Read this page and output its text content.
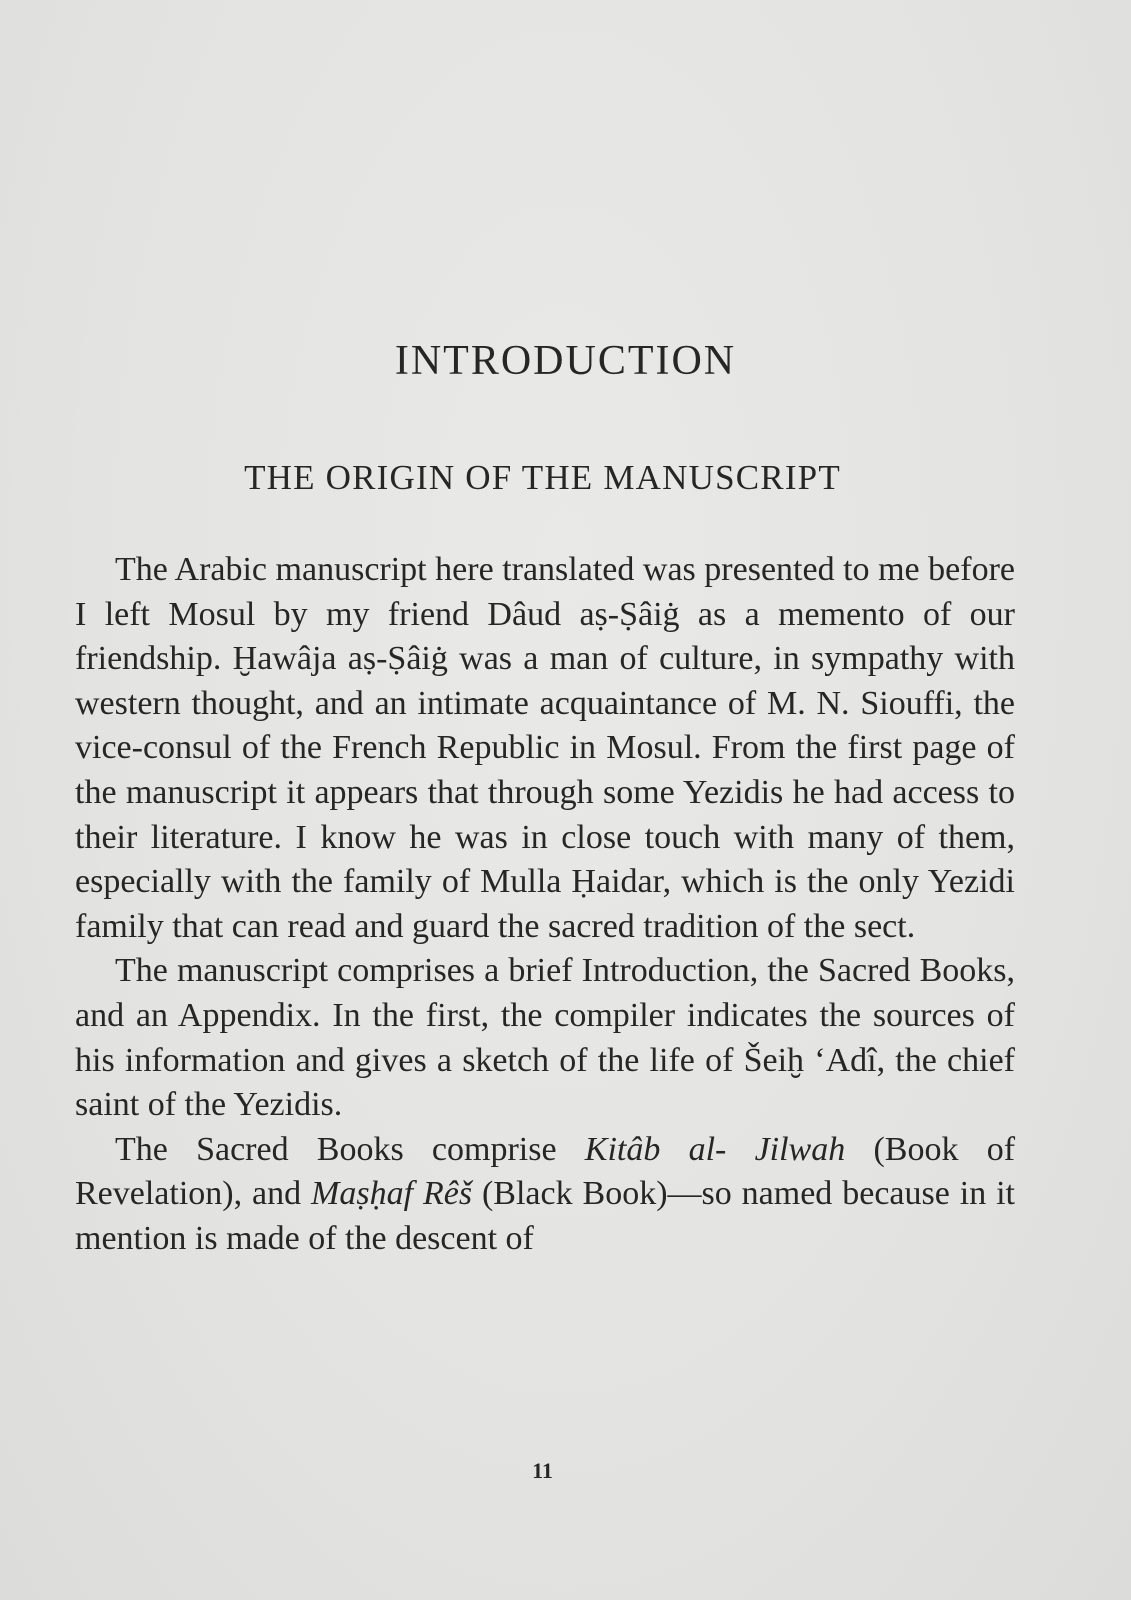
INTRODUCTION
THE ORIGIN OF THE MANUSCRIPT

The Arabic manuscript here translated was presented to me before I left Mosul by my friend Dâud aṣ-Ṣâiġ as a memento of our friendship. Ḫawâja aṣ-Ṣâiġ was a man of culture, in sympathy with western thought, and an intimate acquaintance of M. N. Siouffi, the vice-consul of the French Republic in Mosul. From the first page of the manuscript it appears that through some Yezidis he had access to their literature. I know he was in close touch with many of them, especially with the family of Mulla Ḥaidar, which is the only Yezidi family that can read and guard the sacred tradition of the sect.

The manuscript comprises a brief Introduction, the Sacred Books, and an Appendix. In the first, the compiler indicates the sources of his information and gives a sketch of the life of Šeiḫ ‘Adî, the chief saint of the Yezidis.

The Sacred Books comprise Kitâb al- Jilwah (Book of Revelation), and Maṣḥaf Rêš (Black Book)—so named because in it mention is made of the descent of

11
